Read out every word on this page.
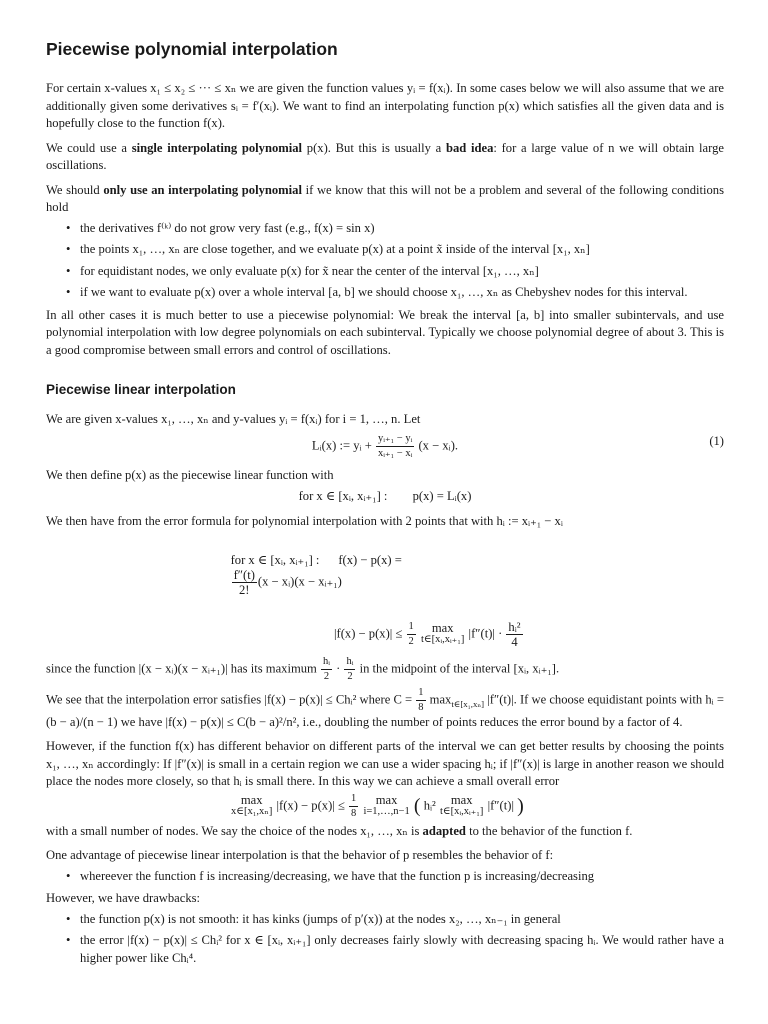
Piecewise polynomial interpolation

For certain x-values x₁ ≤ x₂ ≤ ··· ≤ xₙ we are given the function values yᵢ = f(xᵢ). In some cases below we will also assume that we are additionally given some derivatives sᵢ = f′(xᵢ). We want to find an interpolating function p(x) which satisfies all the given data and is hopefully close to the function f(x).

We could use a single interpolating polynomial p(x). But this is usually a bad idea: for a large value of n we will obtain large oscillations.

We should only use an interpolating polynomial if we know that this will not be a problem and several of the following conditions hold

• the derivatives f⁽ᵏ⁾ do not grow very fast (e.g., f(x) = sin x)
• the points x₁, …, xₙ are close together, and we evaluate p(x) at a point x̃ inside of the interval [x₁, xₙ]
• for equidistant nodes, we only evaluate p(x) for x̃ near the center of the interval [x₁, …, xₙ]
• if we want to evaluate p(x) over a whole interval [a, b] we should choose x₁, …, xₙ as Chebyshev nodes for this interval.

In all other cases it is much better to use a piecewise polynomial: We break the interval [a, b] into smaller subintervals, and use polynomial interpolation with low degree polynomials on each subinterval. Typically we choose polynomial degree of about 3. This is a good compromise between small errors and control of oscillations.

Piecewise linear interpolation

We are given x-values x₁, …, xₙ and y-values yᵢ = f(xᵢ) for i = 1, …, n. Let

Lᵢ(x) := yᵢ + $\frac{\text{yᵢ₊₁ − yᵢ}}{\text{xᵢ₊₁ − xᵢ}} (x$ − xᵢ).	(1)

We then define p(x) as the piecewise linear function with

for x ∈ [xᵢ, xᵢ₊₁] :        p(x) = Lᵢ(x)

We then have from the error formula for polynomial interpolation with 2 points that with hᵢ := xᵢ₊₁ − xᵢ

for x ∈ [xᵢ, xᵢ₊₁] :      f(x) − p(x) =

$\frac{f''(t)}{2!} (x$ − xᵢ)(x − xᵢ₊₁)

$|f(x) - p(x)| \le \frac{1}{2}$
	max
t∈[xᵢ,xᵢ₊₁] $|f''(t)| \cdot \frac{\text{hᵢ²}}{4}$

since the function |(x − xᵢ)(x − xᵢ₊₁)| has its maximum $\frac{\text{hᵢ}}{2} \cdot \frac{\text{hᵢ}}{2}$ in the midpoint of the interval [xᵢ, xᵢ₊₁].

We see that the interpolation error satisfies |f(x) − p(x)| ≤ Chᵢ² where $C = \frac{1}{8} \max_{t\in[x_1,x_n]} |f''(t)|$. If we choose equidistant points with hᵢ = (b − a)/(n − 1) we have |f(x) − p(x)| ≤ C(b − a)²/n², i.e., doubling the number of points reduces the error bound by a factor of 4.

However, if the function f(x) has different behavior on different parts of the interval we can get better results by choosing the points x₁, …, xₙ accordingly: If |f″(x)| is small in a certain region we can use a wider spacing hᵢ; if |f″(x)| is large in another reason we should place the nodes more closely, so that hᵢ is small there. In this way we can achieve a small overall error

max
x∈[x₁,xₙ] $|f(x) - p(x)| \le \frac{1}{8}$
	max
i=1,…,n−1 ( hᵢ²	max
t∈[xᵢ,xᵢ₊₁] |f″(t)| )

with a small number of nodes. We say the choice of the nodes x₁, …, xₙ is adapted to the behavior of the function f.

One advantage of piecewise linear interpolation is that the behavior of p resembles the behavior of f:

• whereever the function f is increasing/decreasing, we have that the function p is increasing/decreasing

However, we have drawbacks:

• the function p(x) is not smooth: it has kinks (jumps of p′(x)) at the nodes x₂, …, xₙ₋₁ in general
• the error |f(x) − p(x)| ≤ Chᵢ² for x ∈ [xᵢ, xᵢ₊₁] only decreases fairly slowly with decreasing spacing hᵢ. We would rather have a higher power like Chᵢ⁴.
